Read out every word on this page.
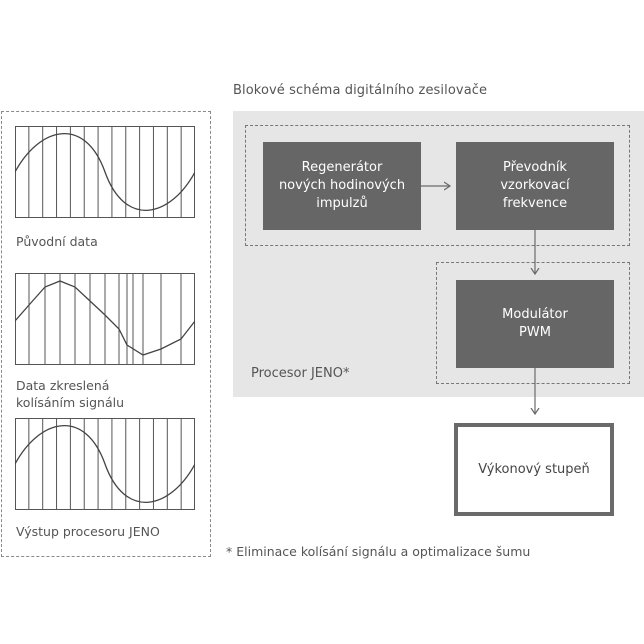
Blokové schéma digitálního zesilovače
Původní data
Data zkreslená
kolísáním signálu
Výstup procesoru JENO
Regenerátor
nových hodinových
impulzů
Převodník
vzorkovací
frekvence
Modulátor
PWM
Procesor JENO*
Výkonový stupeň
* Eliminace kolísání signálu a optimalizace šumu
